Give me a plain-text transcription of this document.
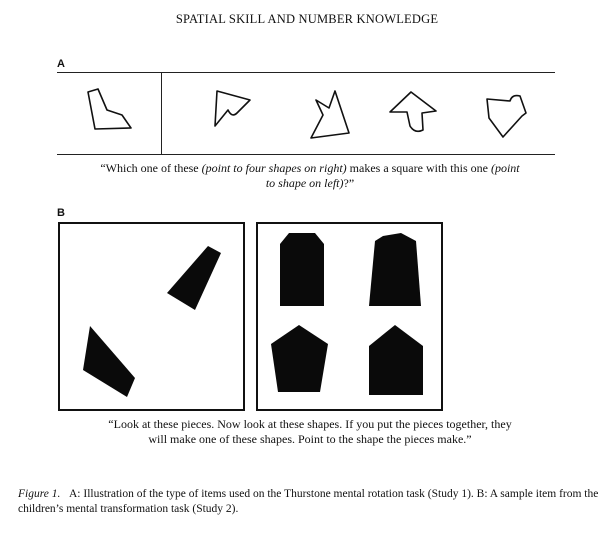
SPATIAL SKILL AND NUMBER KNOWLEDGE
A
“Which one of these (point to four shapes on right) makes a square with this one (point to shape on left)?”
B
“Look at these pieces. Now look at these shapes. If you put the pieces together, they will make one of these shapes. Point to the shape the pieces make.”
Figure 1. A: Illustration of the type of items used on the Thurstone mental rotation task (Study 1). B: A sample item from the children’s mental transformation task (Study 2).
